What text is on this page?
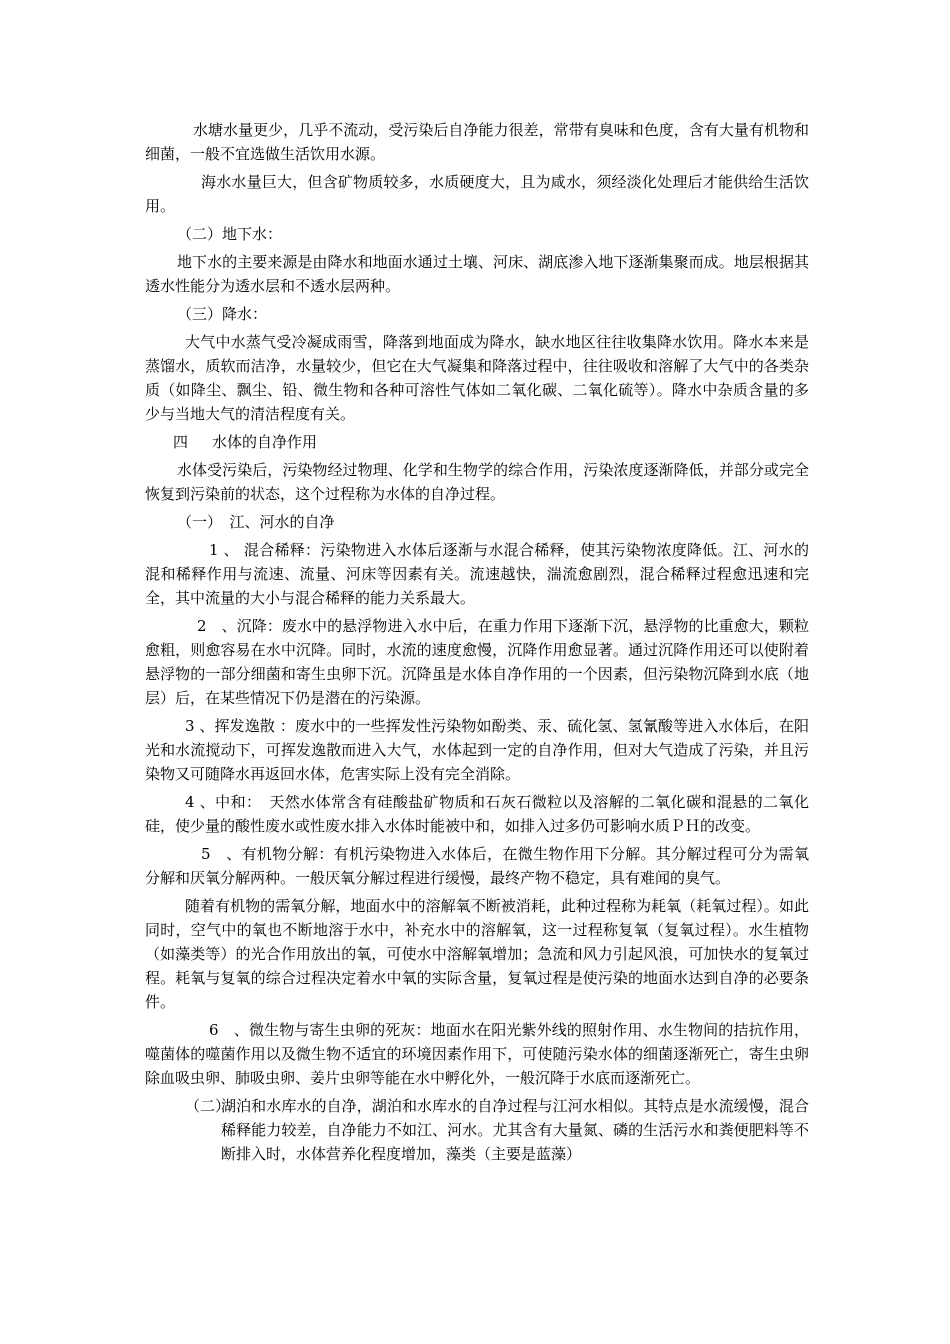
水塘水量更少，几乎不流动，受污染后自净能力很差，常带有臭味和色度，含有大量有机物和细菌，一般不宜选做生活饮用水源。

海水水量巨大，但含矿物质较多，水质硬度大，且为咸水，须经淡化处理后才能供给生活饮用。

（二）地下水：

地下水的主要来源是由降水和地面水通过土壤、河床、湖底渗入地下逐渐集聚而成。地层根据其透水性能分为透水层和不透水层两种。

（三）降水：

大气中水蒸气受冷凝成雨雪，降落到地面成为降水，缺水地区往往收集降水饮用。降水本来是蒸馏水，质软而洁净，水量较少，但它在大气凝集和降落过程中，往往吸收和溶解了大气中的各类杂质（如降尘、飘尘、铅、微生物和各种可溶性气体如二氧化碳、二氧化硫等）。降水中杂质含量的多少与当地大气的清洁程度有关。

四 水体的自净作用

水体受污染后，污染物经过物理、化学和生物学的综合作用，污染浓度逐渐降低，并部分或完全恢复到污染前的状态，这个过程称为水体的自净过程。

（一）　江、河水的自净

1 、 混合稀释：污染物进入水体后逐渐与水混合稀释，使其污染物浓度降低。江、河水的混和稀释作用与流速、流量、河床等因素有关。流速越快，湍流愈剧烈，混合稀释过程愈迅速和完全，其中流量的大小与混合稀释的能力关系最大。

2　、沉降：废水中的悬浮物进入水中后，在重力作用下逐渐下沉，悬浮物的比重愈大，颗粒愈粗，则愈容易在水中沉降。同时，水流的速度愈慢，沉降作用愈显著。通过沉降作用还可以使附着悬浮物的一部分细菌和寄生虫卵下沉。沉降虽是水体自净作用的一个因素，但污染物沉降到水底（地层）后，在某些情况下仍是潜在的污染源。

3 、挥发逸散 ：废水中的一些挥发性污染物如酚类、汞、硫化氢、氢氰酸等进入水体后，在阳光和水流搅动下，可挥发逸散而进入大气，水体起到一定的自净作用，但对大气造成了污染，并且污染物又可随降水再返回水体，危害实际上没有完全消除。

4 、中和：　天然水体常含有硅酸盐矿物质和石灰石微粒以及溶解的二氧化碳和混悬的二氧化硅，使少量的酸性废水或性废水排入水体时能被中和，如排入过多仍可影响水质ＰＨ的改变。

5　、有机物分解：有机污染物进入水体后，在微生物作用下分解。其分解过程可分为需氧分解和厌氧分解两种。一般厌氧分解过程进行缓慢，最终产物不稳定，具有难闻的臭气。

随着有机物的需氧分解，地面水中的溶解氧不断被消耗，此种过程称为耗氧（耗氧过程）。如此同时，空气中的氧也不断地溶于水中，补充水中的溶解氧，这一过程称复氧（复氧过程）。水生植物（如藻类等）的光合作用放出的氧，可使水中溶解氧增加；急流和风力引起风浪，可加快水的复氧过程。耗氧与复氧的综合过程决定着水中氧的实际含量，复氧过程是使污染的地面水达到自净的必要条件。

6　、微生物与寄生虫卵的死灰：地面水在阳光紫外线的照射作用、水生物间的拮抗作用，噬菌体的噬菌作用以及微生物不适宜的环境因素作用下，可使随污染水体的细菌逐渐死亡，寄生虫卵除血吸虫卵、肺吸虫卵、姜片虫卵等能在水中孵化外，一般沉降于水底而逐渐死亡。

（二）
湖泊和水库水的自净，湖泊和水库水的自净过程与江河水相似。其特点是水流缓慢，混合稀释能力较差，自净能力不如江、河水。尤其含有大量氮、磷的生活污水和粪便肥料等不断排入时，水体营养化程度增加，藻类（主要是蓝藻）
